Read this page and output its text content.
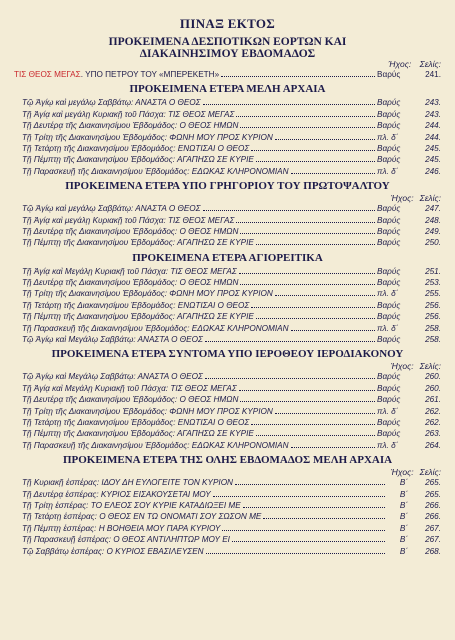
ΠΙΝΑΞ ΕΚΤΟΣ
ΠΡΟΚΕΙΜΕΝΑ ΔΕΣΠΟΤΙΚΩΝ ΕΟΡΤΩΝ ΚΑΙ
ΔΙΑΚΑΙΝΗΣΙΜΟΥ ΕΒΔΟΜΑΔΟΣ
Ήχος: Σελίς:
ΤΙΣ ΘΕΟΣ ΜΕΓΑΣ. ΥΠΟ ΠΕΤΡΟΥ ΤΟΥ «ΜΠΕΡΕΚΕΤΗ»	Βαρύς	241.
ΠΡΟΚΕΙΜΕΝΑ ΕΤΕΡΑ ΜΕΛΗ ΑΡΧΑΙΑ
Τῷ Ἁγίῳ καὶ μεγάλῳ Σαββάτῳ: ΑΝΑΣΤΑ Ο ΘΕΟΣ	Βαρύς	243.
Τῇ Ἁγίᾳ καὶ μεγάλῃ Κυριακῇ τοῦ Πάσχα: ΤΙΣ ΘΕΟΣ ΜΕΓΑΣ	Βαρύς	243.
Τῇ Δευτέρᾳ τῆς Διακαινησίμου Ἑβδομάδος: Ο ΘΕΟΣ ΗΜΩΝ	Βαρύς	244.
Τῇ Τρίτῃ τῆς Διακαινησίμου Ἑβδομάδος: ΦΩΝΗ ΜΟΥ ΠΡΟΣ ΚΥΡΙΟΝ	πλ. δ΄	244.
Τῇ Τετάρτῃ τῆς Διακαινησίμου Ἑβδομάδος: ΕΝΩΤΙΣΑΙ Ο ΘΕΟΣ	Βαρύς	245.
Τῇ Πέμπτῃ τῆς Διακαινησίμου Ἑβδομάδος: ΑΓΑΠΗΣΩ ΣΕ ΚΥΡΙΕ	Βαρύς	245.
Τῇ Παρασκευῇ τῆς Διακαινησίμου Ἑβδομάδος: ΕΔΩΚΑΣ ΚΛΗΡΟΝΟΜΙΑΝ	πλ. δ΄	246.
ΠΡΟΚΕΙΜΕΝΑ ΕΤΕΡΑ ΥΠΟ ΓΡΗΓΟΡΙΟΥ ΤΟΥ ΠΡΩΤΟΨΑΛΤΟΥ
Ήχος: Σελίς:
Τῷ Ἁγίῳ καὶ μεγάλῳ Σαββάτῳ: ΑΝΑΣΤΑ Ο ΘΕΟΣ	Βαρύς	247.
Τῇ Ἁγίᾳ καὶ μεγάλῃ Κυριακῇ τοῦ Πάσχα: ΤΙΣ ΘΕΟΣ ΜΕΓΑΣ	Βαρύς	248.
Τῇ Δευτέρᾳ τῆς Διακαινησίμου Ἑβδομάδος: Ο ΘΕΟΣ ΗΜΩΝ	Βαρύς	249.
Τῇ Πέμπτῃ τῆς Διακαινησίμου Ἑβδομάδος: ΑΓΑΠΗΣΩ ΣΕ ΚΥΡΙΕ	Βαρύς	250.
ΠΡΟΚΕΙΜΕΝΑ ΕΤΕΡΑ ΑΓΙΟΡΕΙΤΙΚΑ
Τῇ Ἁγίᾳ καὶ Μεγάλῃ Κυριακῇ τοῦ Πάσχα: ΤΙΣ ΘΕΟΣ ΜΕΓΑΣ	Βαρύς	251.
Τῇ Δευτέρᾳ τῆς Διακαινησίμου Ἑβδομάδος: Ο ΘΕΟΣ ΗΜΩΝ	Βαρύς	253.
Τῇ Τρίτῃ τῆς Διακαινησίμου Ἑβδομάδος: ΦΩΝΗ ΜΟΥ ΠΡΟΣ ΚΥΡΙΟΝ	πλ. δ΄	255.
Τῇ Τετάρτῃ τῆς Διακαινησίμου Ἑβδομάδος: ΕΝΩΤΙΣΑΙ Ο ΘΕΟΣ	Βαρύς	256.
Τῇ Πέμπτῃ τῆς Διακαινησίμου Ἑβδομάδος: ΑΓΑΠΗΣΩ ΣΕ ΚΥΡΙΕ	Βαρύς	256.
Τῇ Παρασκευῇ τῆς Διακαινησίμου Ἑβδομάδος: ΕΔΩΚΑΣ ΚΛΗΡΟΝΟΜΙΑΝ	πλ. δ΄	258.
Τῷ Ἁγίῳ καὶ Μεγάλῳ Σαββάτῳ: ΑΝΑΣΤΑ Ο ΘΕΟΣ	Βαρύς	258.
ΠΡΟΚΕΙΜΕΝΑ ΕΤΕΡΑ ΣΥΝΤΟΜΑ ΥΠΟ ΙΕΡΟΘΕΟΥ ΙΕΡΟΔΙΑΚΟΝΟΥ
Ήχος: Σελίς:
Τῷ Ἁγίῳ καὶ Μεγάλῳ Σαββάτῳ: ΑΝΑΣΤΑ Ο ΘΕΟΣ	Βαρύς	260.
Τῇ Ἁγίᾳ καὶ Μεγάλῃ Κυριακῇ τοῦ Πάσχα: ΤΙΣ ΘΕΟΣ ΜΕΓΑΣ	Βαρύς	260.
Τῇ Δευτέρᾳ τῆς Διακαινησίμου Ἑβδομάδος: Ο ΘΕΟΣ ΗΜΩΝ	Βαρύς	261.
Τῇ Τρίτῃ τῆς Διακαινησίμου Ἑβδομάδος: ΦΩΝΗ ΜΟΥ ΠΡΟΣ ΚΥΡΙΟΝ	πλ. δ΄	262.
Τῇ Τετάρτῃ τῆς Διακαινησίμου Ἑβδομάδος: ΕΝΩΤΙΣΑΙ Ο ΘΕΟΣ	Βαρύς	262.
Τῇ Πέμπτῃ τῆς Διακαινησίμου Ἑβδομάδος: ΑΓΑΠΗΣΩ ΣΕ ΚΥΡΙΕ	Βαρύς	263.
Τῇ Παρασκευῇ τῆς Διακαινησίμου Ἑβδομάδος: ΕΔΩΚΑΣ ΚΛΗΡΟΝΟΜΙΑΝ	πλ. δ΄	264.
ΠΡΟΚΕΙΜΕΝΑ ΕΤΕΡΑ ΤΗΣ ΟΛΗΣ ΕΒΔΟΜΑΔΟΣ ΜΕΛΗ ΑΡΧΑΙΑ
Ήχος: Σελίς:
Τῇ Κυριακῇ ἑσπέρας: ΙΔΟΥ ΔΗ ΕΥΛΟΓΕΙΤΕ ΤΟΝ ΚΥΡΙΟΝ	Β΄	265.
Τῇ Δευτέρᾳ ἑσπέρας: ΚΥΡΙΟΣ ΕΙΣΑΚΟΥΣΕΤΑΙ ΜΟΥ	Β΄	265.
Τῇ Τρίτῃ ἑσπέρας: ΤΟ ΕΛΕΟΣ ΣΟΥ ΚΥΡΙΕ ΚΑΤΑΔΙΩΞΕΙ ΜΕ	Β΄	266.
Τῇ Τετάρτῃ ἑσπέρας: Ο ΘΕΟΣ ΕΝ ΤΩ ΟΝΟΜΑΤΙ ΣΟΥ ΣΩΣΟΝ ΜΕ	Β΄	266.
Τῇ Πέμπτῃ ἑσπέρας: Η ΒΟΗΘΕΙΑ ΜΟΥ ΠΑΡΑ ΚΥΡΙΟΥ	Β΄	267.
Τῇ Παρασκευῇ ἑσπέρας: Ο ΘΕΟΣ ΑΝΤΙΛΗΠΤΩΡ ΜΟΥ ΕΙ	Β΄	267.
Τῷ Σαββάτῳ ἑσπέρας: Ο ΚΥΡΙΟΣ ΕΒΑΣΙΛΕΥΣΕΝ	Β΄	268.
